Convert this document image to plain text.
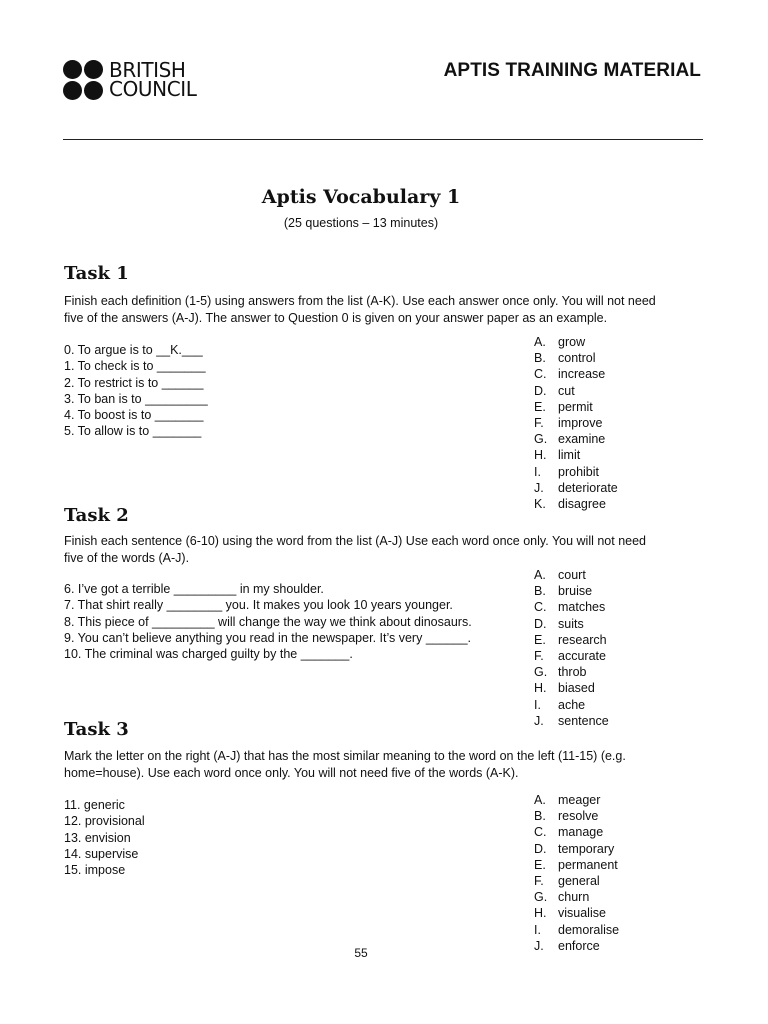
BRITISH
COUNCIL
APTIS TRAINING MATERIAL
Aptis Vocabulary 1
(25 questions – 13 minutes)
Task 1
Finish each definition (1-5) using answers from the list (A-K). Use each answer once only. You will not need five of the answers (A-J). The answer to Question 0 is given on your answer paper as an example.
0. To argue is to __K.___
1. To check is to _______
2. To restrict is to ______
3. To ban is to _________
4. To boost is to _______
5. To allow is to _______
A. grow
B. control
C. increase
D. cut
E. permit
F.	improve
G. examine
H. limit
I.	prohibit
J.	deteriorate
K. disagree
Task 2
Finish each sentence (6-10) using the word from the list (A-J) Use each word once only. You will not need five of the words (A-J).
6. I’ve got a terrible _________ in my shoulder.
7. That shirt really ________ you. It makes you look 10 years younger.
8. This piece of _________ will change the way we think about dinosaurs.
9. You can’t believe anything you read in the newspaper. It’s very ______.
10. The criminal was charged guilty by the _______.
A. court
B. bruise
C. matches
D. suits
E. research
F.	accurate
G. throb
H. biased
I.	ache
J.	sentence
Task 3
Mark the letter on the right (A-J) that has the most similar meaning to the word on the left (11-15) (e.g. home=house). Use each word once only. You will not need five of the words (A-K).
11. generic
12. provisional
13. envision
14. supervise
15. impose
A. meager
B. resolve
C. manage
D. temporary
E. permanent
F.	general
G. churn
H. visualise
I.	demoralise
J.	enforce
55
